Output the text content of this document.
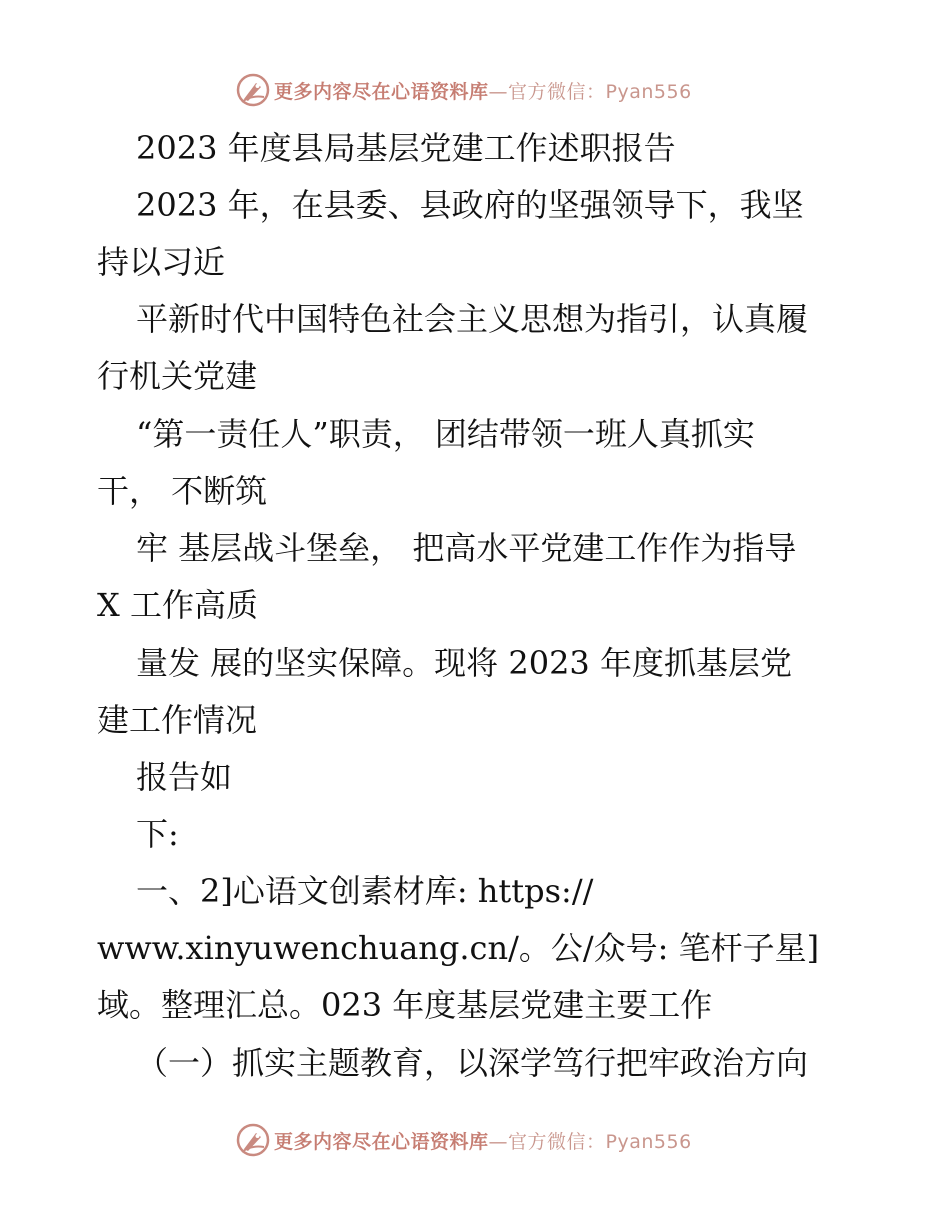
更多内容尽在心语资料库—官方微信：Pyan556
2023 年度县局基层党建工作述职报告
2023 年，在县委、县政府的坚强领导下，我坚
持以习近
平新时代中国特色社会主义思想为指引，认真履
行机关党建
“第一责任人”职责， 团结带领一班人真抓实
干， 不断筑
牢 基层战斗堡垒， 把高水平党建工作作为指导
X 工作高质
量发 展的坚实保障。现将 2023 年度抓基层党
建工作情况
报告如
下:
一、2]心语文创素材库: https://
www.xinyuwenchuang.cn/。公/众号: 笔杆子星]
域。整理汇总。023 年度基层党建主要工作
（一）抓实主题教育，以深学笃行把牢政治方向
更多内容尽在心语资料库—官方微信：Pyan556
